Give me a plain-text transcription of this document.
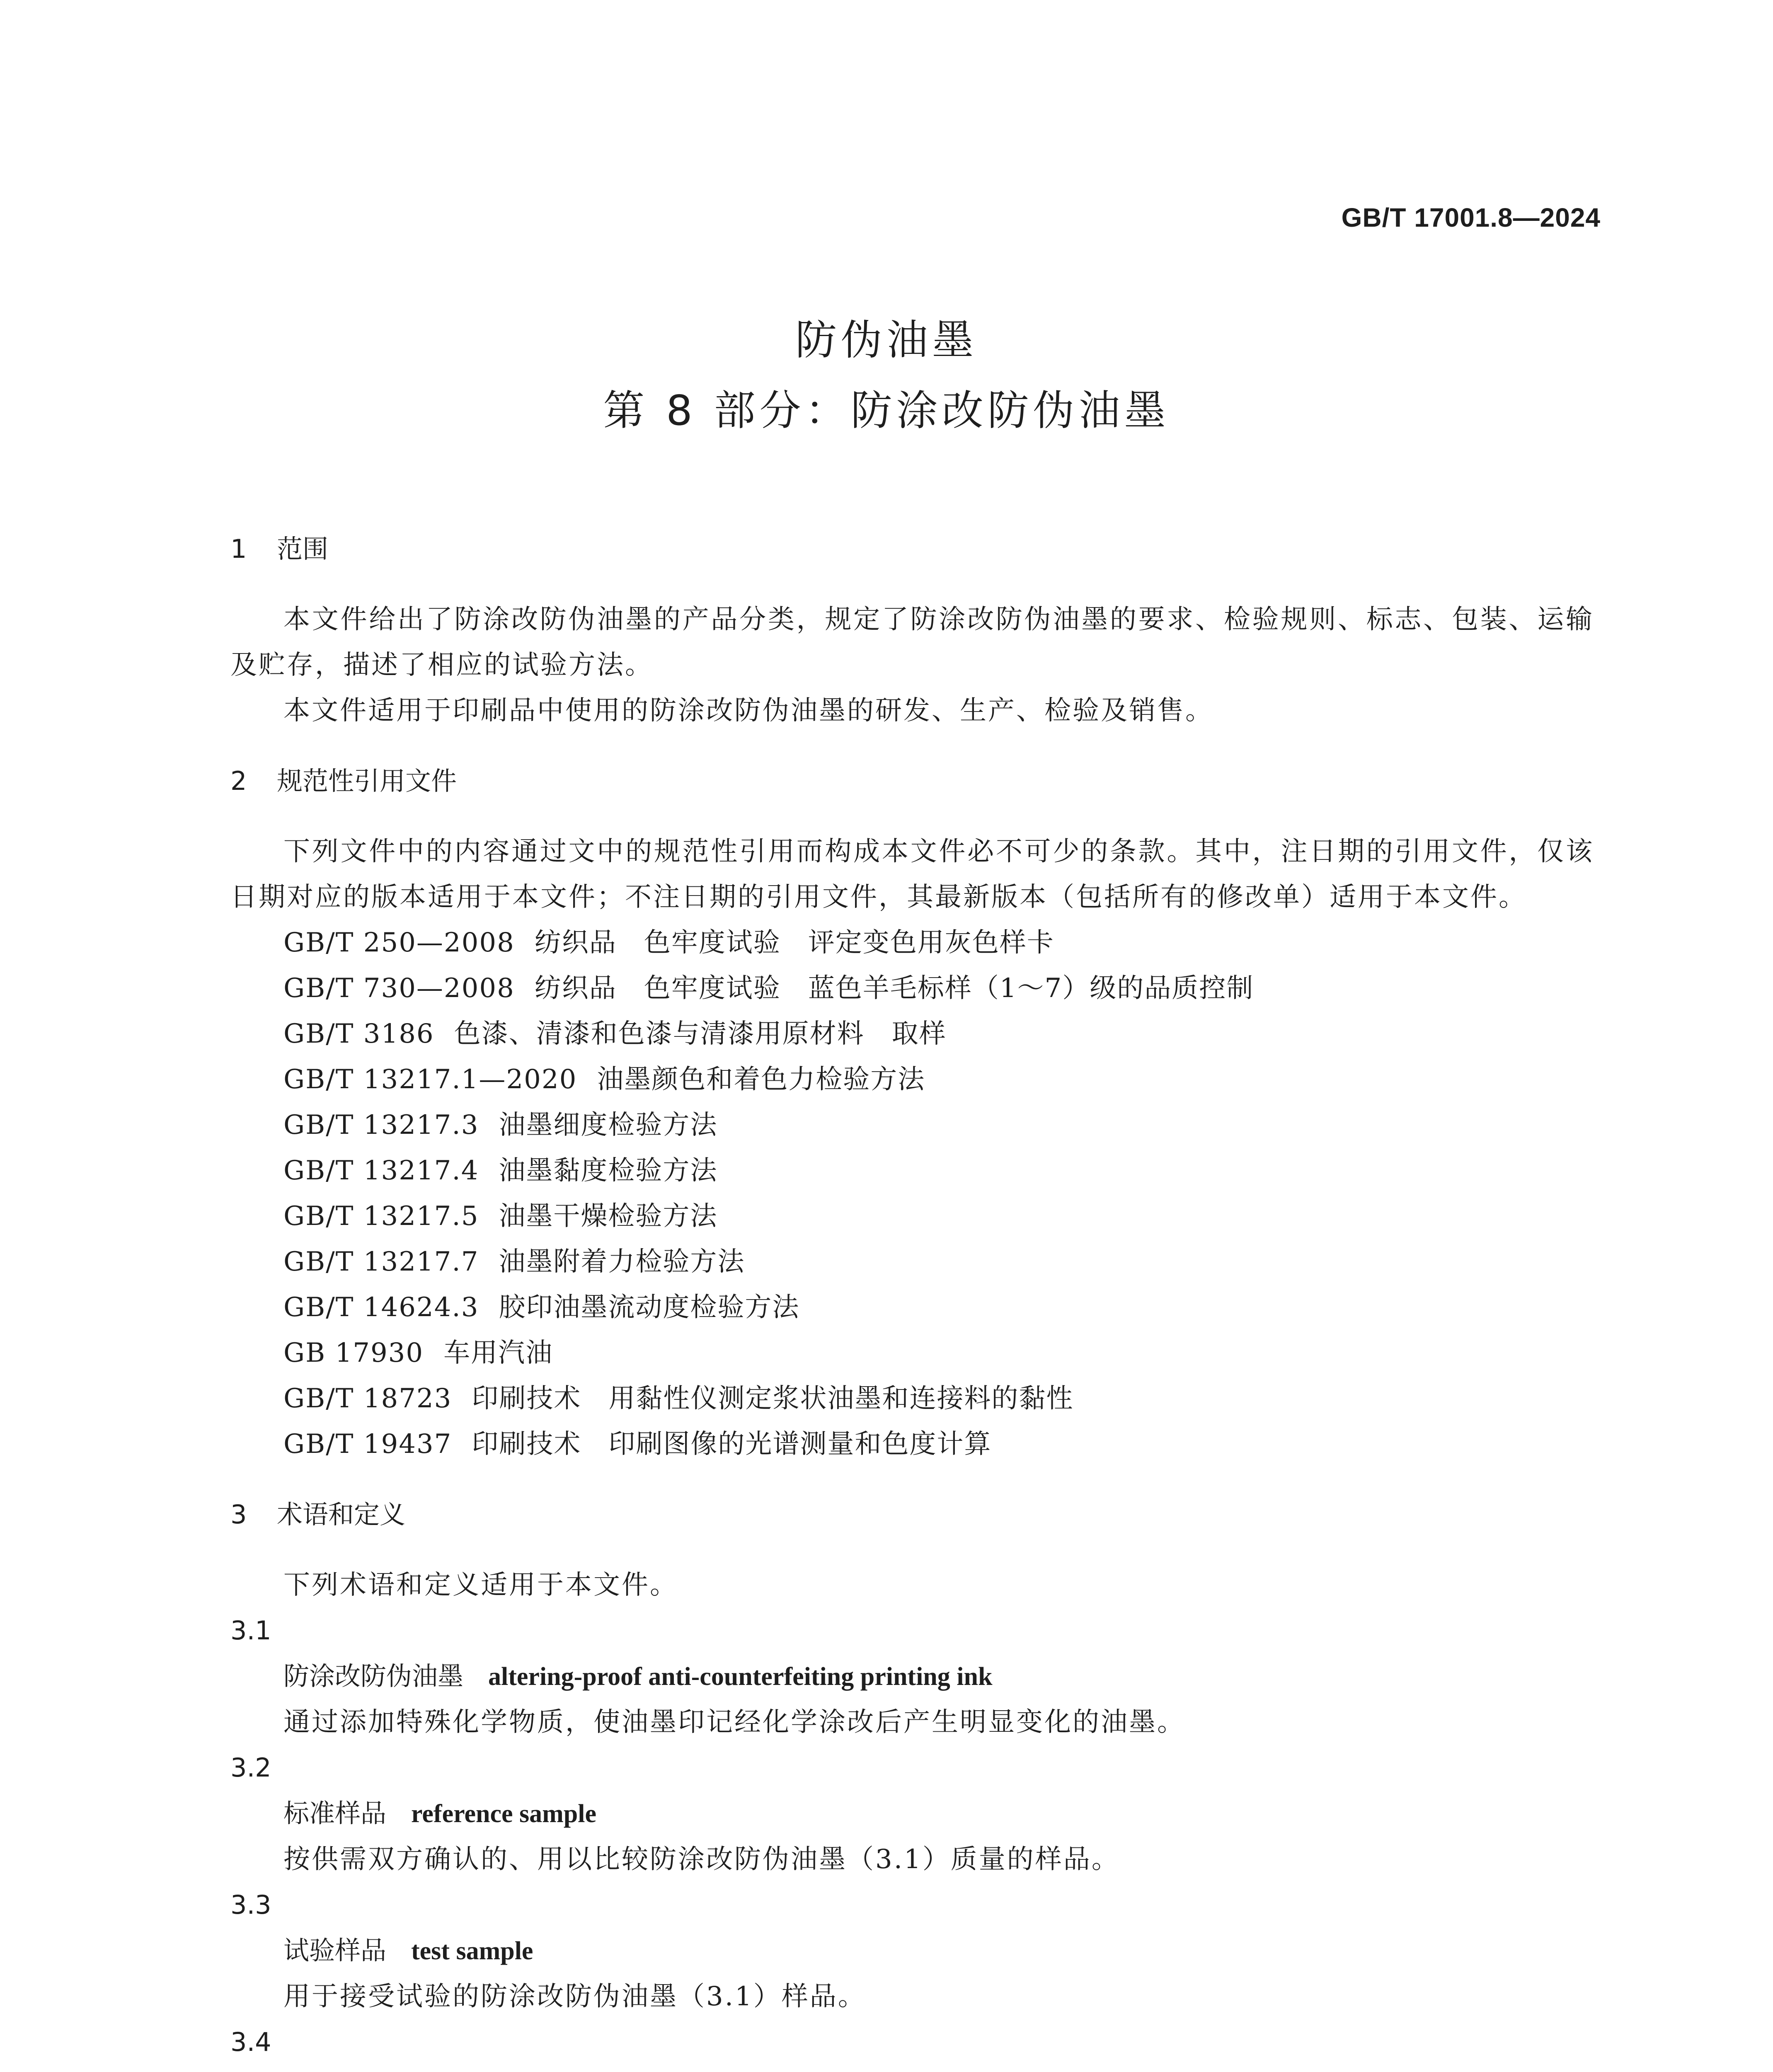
GB/T 17001.8—2024
防伪油墨
第 8 部分：防涂改防伪油墨
1 范围
本文件给出了防涂改防伪油墨的产品分类，规定了防涂改防伪油墨的要求、检验规则、标志、包装、运输及贮存，描述了相应的试验方法。
本文件适用于印刷品中使用的防涂改防伪油墨的研发、生产、检验及销售。
2 规范性引用文件
下列文件中的内容通过文中的规范性引用而构成本文件必不可少的条款。其中，注日期的引用文件，仅该日期对应的版本适用于本文件；不注日期的引用文件，其最新版本（包括所有的修改单）适用于本文件。
GB/T 250—2008 纺织品　色牢度试验　评定变色用灰色样卡
GB/T 730—2008 纺织品　色牢度试验　蓝色羊毛标样（1～7）级的品质控制
GB/T 3186 色漆、清漆和色漆与清漆用原材料　取样
GB/T 13217.1—2020 油墨颜色和着色力检验方法
GB/T 13217.3 油墨细度检验方法
GB/T 13217.4 油墨黏度检验方法
GB/T 13217.5 油墨干燥检验方法
GB/T 13217.7 油墨附着力检验方法
GB/T 14624.3 胶印油墨流动度检验方法
GB 17930 车用汽油
GB/T 18723 印刷技术　用黏性仪测定浆状油墨和连接料的黏性
GB/T 19437 印刷技术　印刷图像的光谱测量和色度计算
3 术语和定义
下列术语和定义适用于本文件。
3.1
防涂改防伪油墨 altering-proof anti-counterfeiting printing ink
通过添加特殊化学物质，使油墨印记经化学涂改后产生明显变化的油墨。
3.2
标准样品 reference sample
按供需双方确认的、用以比较防涂改防伪油墨（3.1）质量的样品。
3.3
试验样品 test sample
用于接受试验的防涂改防伪油墨（3.1）样品。
3.4
